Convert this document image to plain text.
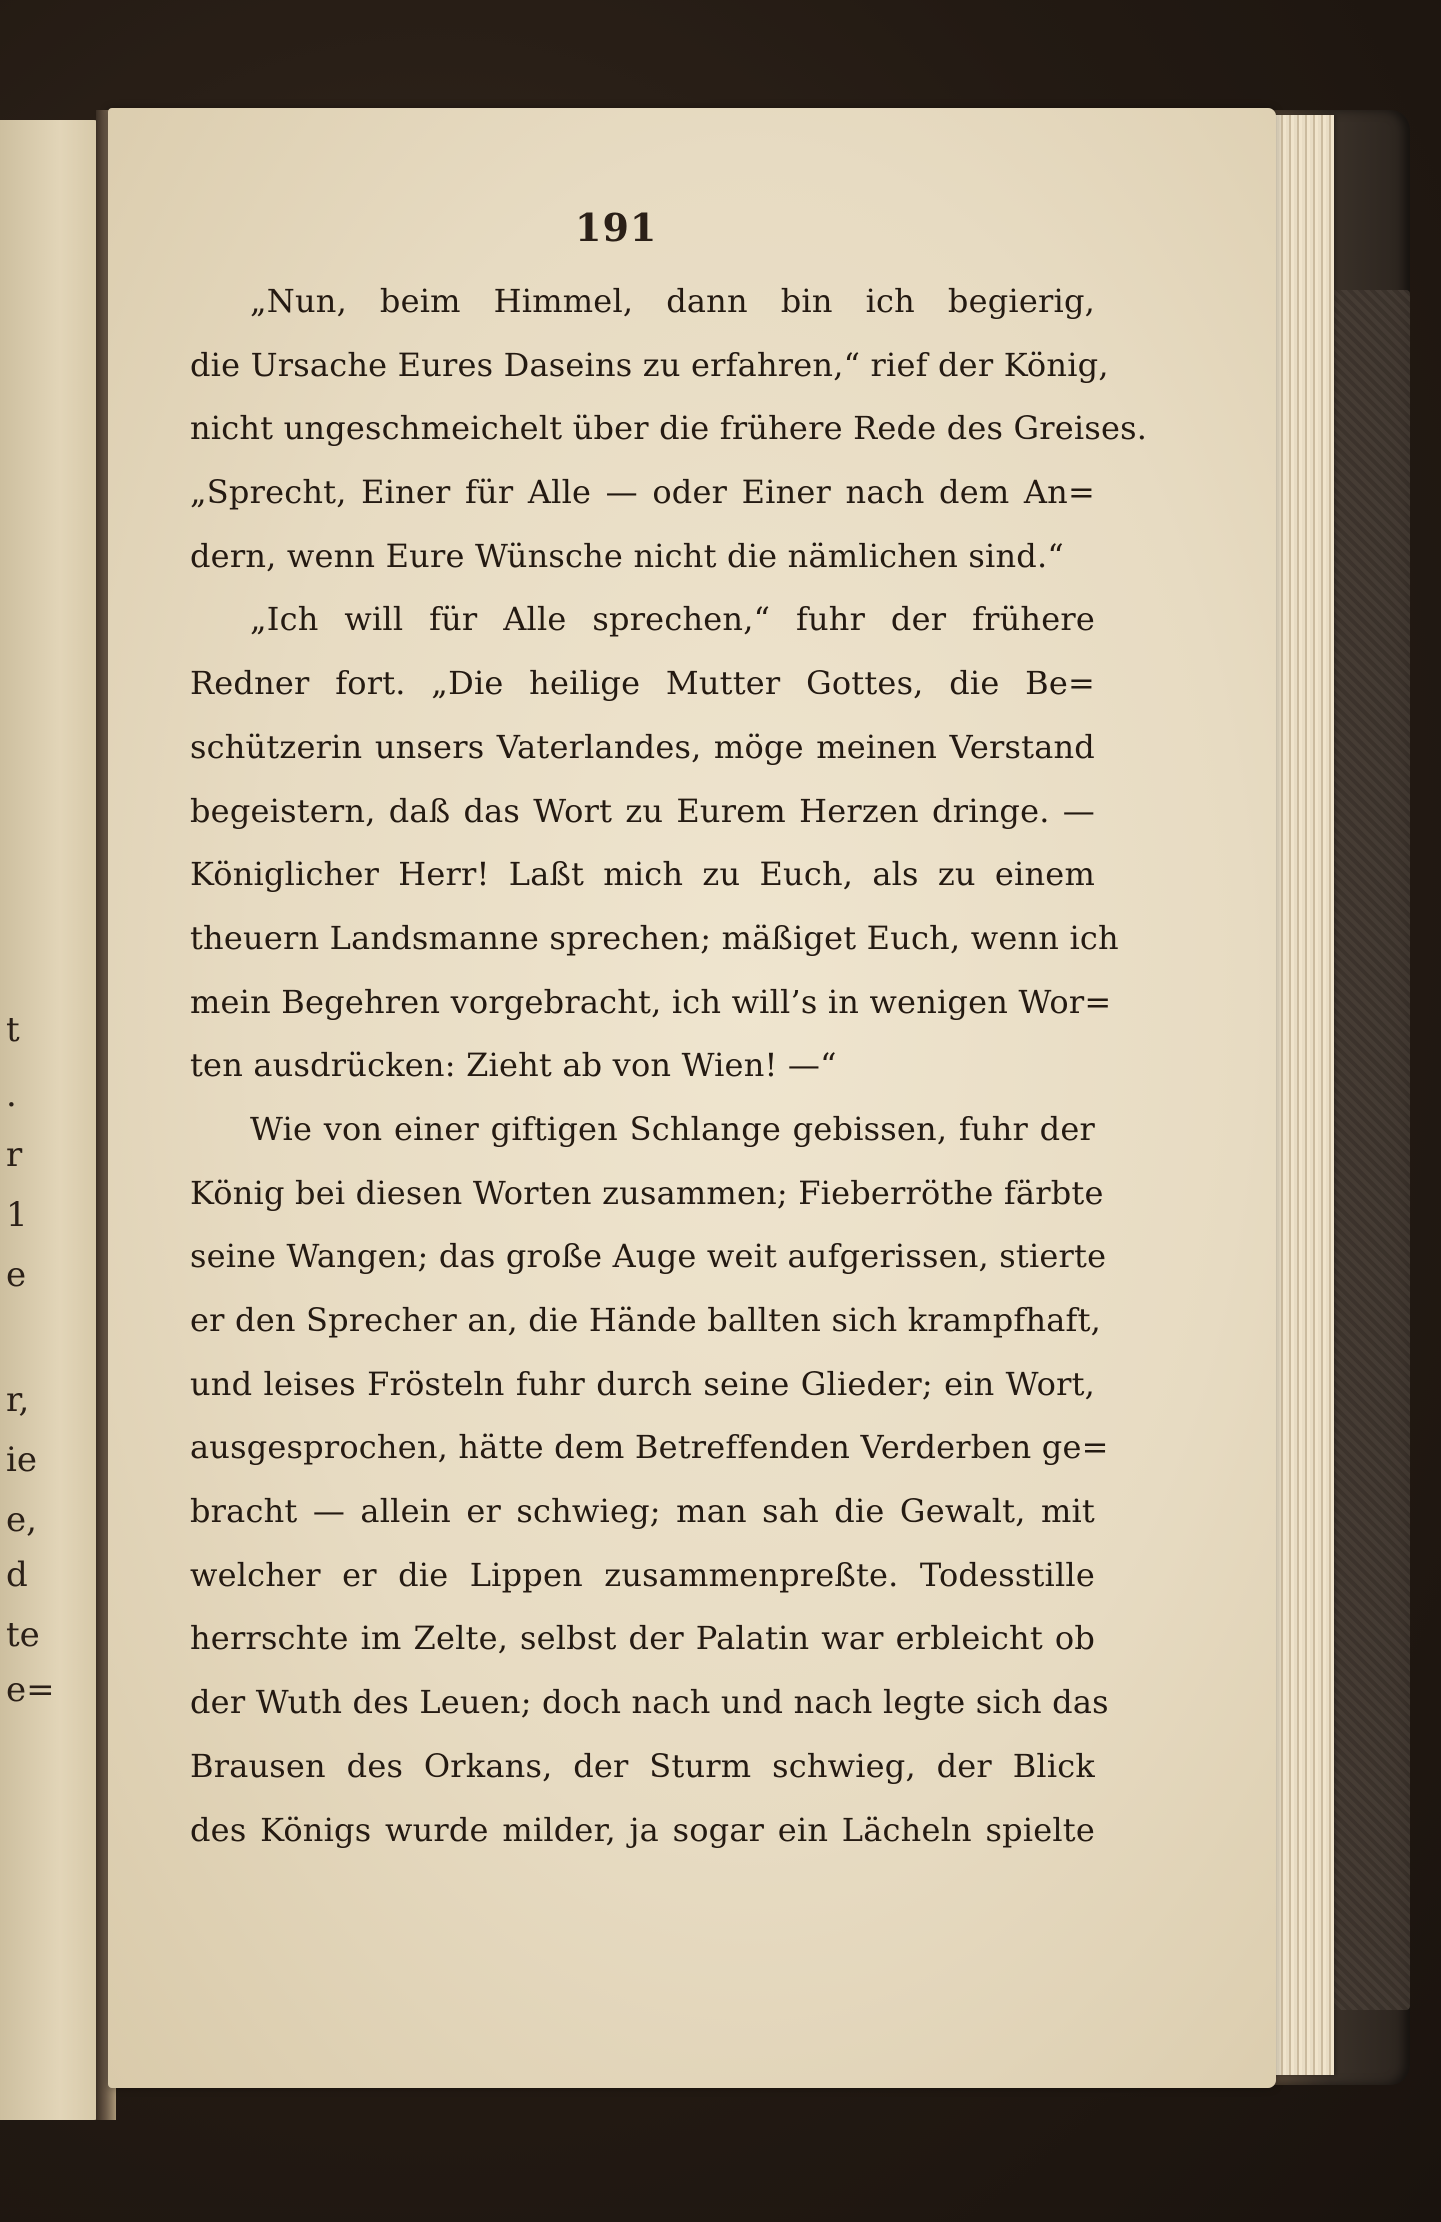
t
·
r
1
e
r,
ie
e,
d
te
e=
191
„Nun, beim Himmel, dann bin ich begierig,
die Ursache Eures Daseins zu erfahren,“ rief der König,
nicht ungeschmeichelt über die frühere Rede des Greises.
„Sprecht, Einer für Alle — oder Einer nach dem An=
dern, wenn Eure Wünsche nicht die nämlichen sind.“
„Ich will für Alle sprechen,“ fuhr der frühere
Redner fort. „Die heilige Mutter Gottes, die Be=
schützerin unsers Vaterlandes, möge meinen Verstand
begeistern, daß das Wort zu Eurem Herzen dringe. —
Königlicher Herr! Laßt mich zu Euch, als zu einem
theuern Landsmanne sprechen; mäßiget Euch, wenn ich
mein Begehren vorgebracht, ich will’s in wenigen Wor=
ten ausdrücken: Zieht ab von Wien! —“
Wie von einer giftigen Schlange gebissen, fuhr der
König bei diesen Worten zusammen; Fieberröthe färbte
seine Wangen; das große Auge weit aufgerissen, stierte
er den Sprecher an, die Hände ballten sich krampfhaft,
und leises Frösteln fuhr durch seine Glieder; ein Wort,
ausgesprochen, hätte dem Betreffenden Verderben ge=
bracht — allein er schwieg; man sah die Gewalt, mit
welcher er die Lippen zusammenpreßte. Todesstille
herrschte im Zelte, selbst der Palatin war erbleicht ob
der Wuth des Leuen; doch nach und nach legte sich das
Brausen des Orkans, der Sturm schwieg, der Blick
des Königs wurde milder, ja sogar ein Lächeln spielte
